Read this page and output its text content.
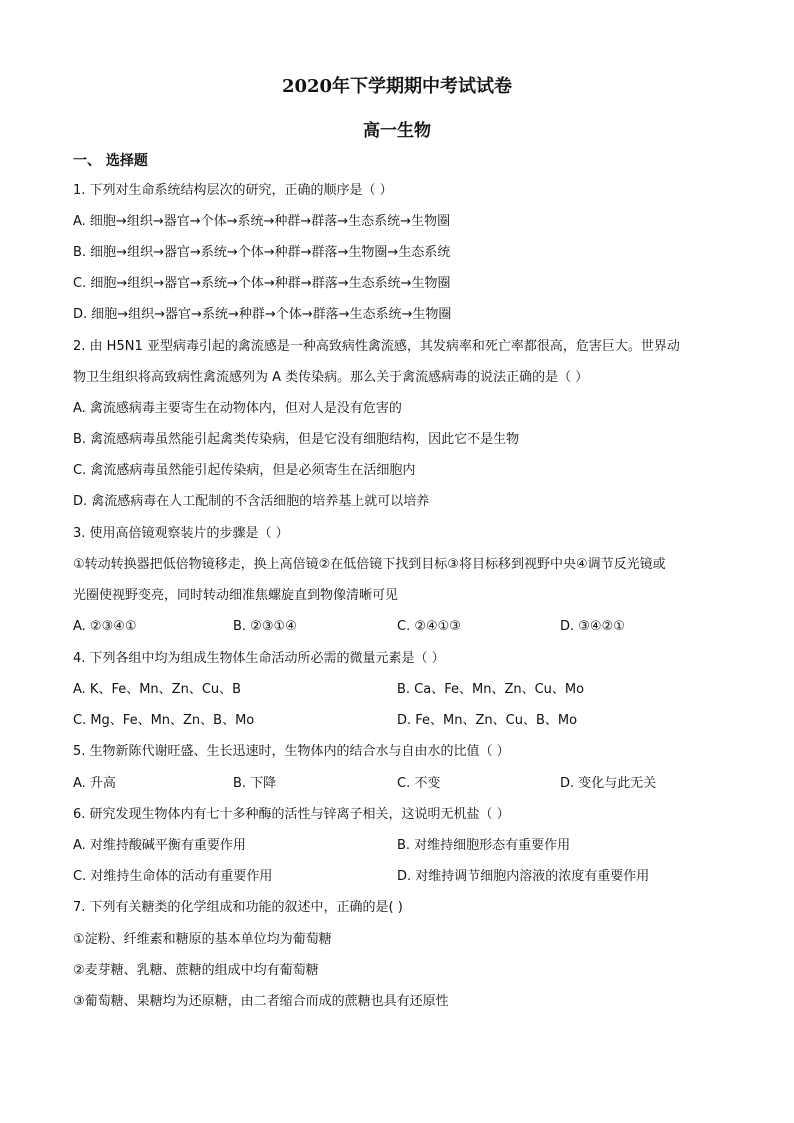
2020年下学期期中考试试卷
高一生物
一、 选择题
1. 下列对生命系统结构层次的研究，正确的顺序是（ ）
A. 细胞→组织→器官→个体→系统→种群→群落→生态系统→生物圈
B. 细胞→组织→器官→系统→个体→种群→群落→生物圈→生态系统
C. 细胞→组织→器官→系统→个体→种群→群落→生态系统→生物圈
D. 细胞→组织→器官→系统→种群→个体→群落→生态系统→生物圈
2. 由 H5N1 亚型病毒引起的禽流感是一种高致病性禽流感，其发病率和死亡率都很高，危害巨大。世界动
物卫生组织将高致病性禽流感列为 A 类传染病。那么关于禽流感病毒的说法正确的是（ ）
A. 禽流感病毒主要寄生在动物体内，但对人是没有危害的
B. 禽流感病毒虽然能引起禽类传染病，但是它没有细胞结构，因此它不是生物
C. 禽流感病毒虽然能引起传染病，但是必须寄生在活细胞内
D. 禽流感病毒在人工配制的不含活细胞的培养基上就可以培养
3. 使用高倍镜观察装片的步骤是（ ）
①转动转换器把低倍物镜移走，换上高倍镜②在低倍镜下找到目标③将目标移到视野中央④调节反光镜或
光圈使视野变亮，同时转动细准焦螺旋直到物像清晰可见
A. ②③④①	B. ②③①④	C. ②④①③	D. ③④②①
4. 下列各组中均为组成生物体生命活动所必需的微量元素是（ ）
A. K、Fe、Mn、Zn、Cu、B	B. Ca、Fe、Mn、Zn、Cu、Mo
C. Mg、Fe、Mn、Zn、B、Mo	D. Fe、Mn、Zn、Cu、B、Mo
5. 生物新陈代谢旺盛、生长迅速时，生物体内的结合水与自由水的比值（ ）
A. 升高	B. 下降	C. 不变	D. 变化与此无关
6. 研究发现生物体内有七十多种酶的活性与锌离子相关，这说明无机盐（ ）
A. 对维持酸碱平衡有重要作用	B. 对维持细胞形态有重要作用
C. 对维持生命体的活动有重要作用	D. 对维持调节细胞内溶液的浓度有重要作用
7. 下列有关糖类的化学组成和功能的叙述中，正确的是( )
①淀粉、纤维素和糖原的基本单位均为葡萄糖
②麦芽糖、乳糖、蔗糖的组成中均有葡萄糖
③葡萄糖、果糖均为还原糖，由二者缩合而成的蔗糖也具有还原性
